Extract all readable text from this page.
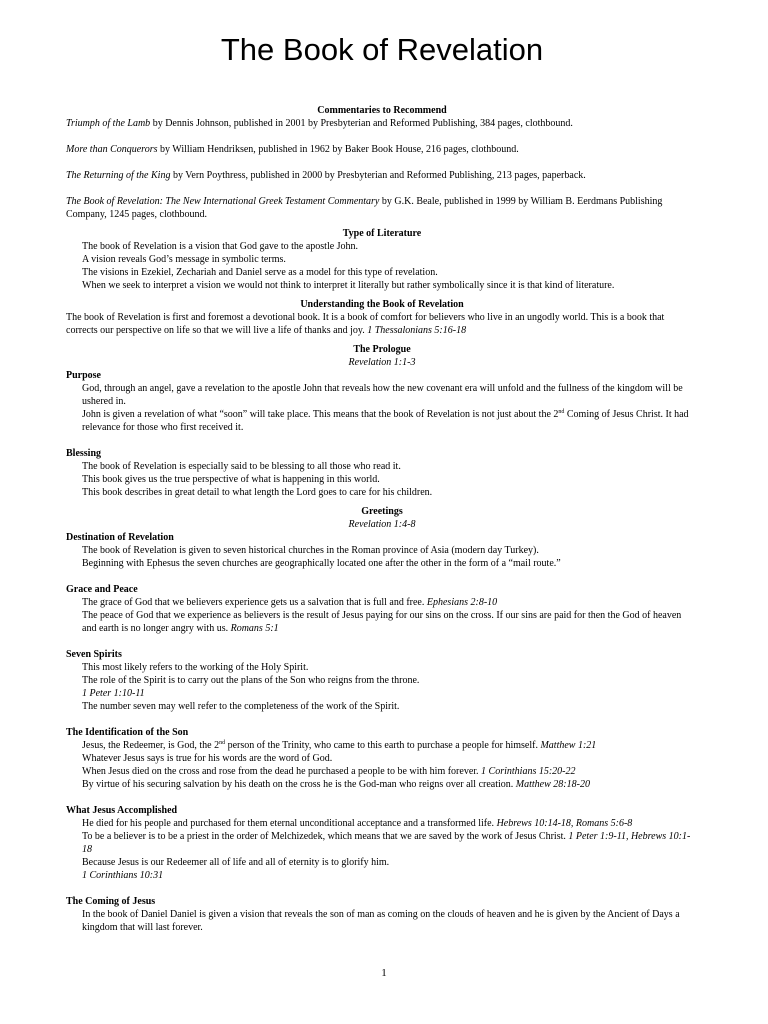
The Book of Revelation

Commentaries to Recommend

Triumph of the Lamb by Dennis Johnson, published in 2001 by Presbyterian and Reformed Publishing, 384 pages, clothbound.

More than Conquerors by William Hendriksen, published in 1962 by Baker Book House, 216 pages, clothbound.

The Returning of the King by Vern Poythress, published in 2000 by Presbyterian and Reformed Publishing, 213 pages, paperback.

The Book of Revelation: The New International Greek Testament Commentary by G.K. Beale, published in 1999 by William B. Eerdmans Publishing Company, 1245 pages, clothbound.

Type of Literature

The book of Revelation is a vision that God gave to the apostle John.

A vision reveals God’s message in symbolic terms.

The visions in Ezekiel, Zechariah and Daniel serve as a model for this type of revelation.

When we seek to interpret a vision we would not think to interpret it literally but rather symbolically since it is that kind of literature.

Understanding the Book of Revelation

The book of Revelation is first and foremost a devotional book. It is a book of comfort for believers who live in an ungodly world. This is a book that corrects our perspective on life so that we will live a life of thanks and joy. 1 Thessalonians 5:16-18

The Prologue

Revelation 1:1-3

Purpose

God, through an angel, gave a revelation to the apostle John that reveals how the new covenant era will unfold and the fullness of the kingdom will be ushered in.

John is given a revelation of what “soon” will take place. This means that the book of Revelation is not just about the 2nd Coming of Jesus Christ. It had relevance for those who first received it.

Blessing

The book of Revelation is especially said to be blessing to all those who read it.

This book gives us the true perspective of what is happening in this world.

This book describes in great detail to what length the Lord goes to care for his children.

Greetings

Revelation 1:4-8

Destination of Revelation

The book of Revelation is given to seven historical churches in the Roman province of Asia (modern day Turkey).

Beginning with Ephesus the seven churches are geographically located one after the other in the form of a “mail route.”

Grace and Peace

The grace of God that we believers experience gets us a salvation that is full and free. Ephesians 2:8-10

The peace of God that we experience as believers is the result of Jesus paying for our sins on the cross. If our sins are paid for then the God of heaven and earth is no longer angry with us. Romans 5:1

Seven Spirits

This most likely refers to the working of the Holy Spirit.

The role of the Spirit is to carry out the plans of the Son who reigns from the throne.

1 Peter 1:10-11

The number seven may well refer to the completeness of the work of the Spirit.

The Identification of the Son

Jesus, the Redeemer, is God, the 2nd person of the Trinity, who came to this earth to purchase a people for himself. Matthew 1:21

Whatever Jesus says is true for his words are the word of God.

When Jesus died on the cross and rose from the dead he purchased a people to be with him forever. 1 Corinthians 15:20-22

By virtue of his securing salvation by his death on the cross he is the God-man who reigns over all creation. Matthew 28:18-20

What Jesus Accomplished

He died for his people and purchased for them eternal unconditional acceptance and a transformed life. Hebrews 10:14-18, Romans 5:6-8

To be a believer is to be a priest in the order of Melchizedek, which means that we are saved by the work of Jesus Christ. 1 Peter 1:9-11, Hebrews 10:1-18

Because Jesus is our Redeemer all of life and all of eternity is to glorify him.

1 Corinthians 10:31

The Coming of Jesus

In the book of Daniel Daniel is given a vision that reveals the son of man as coming on the clouds of heaven and he is given by the Ancient of Days a kingdom that will last forever.

1
